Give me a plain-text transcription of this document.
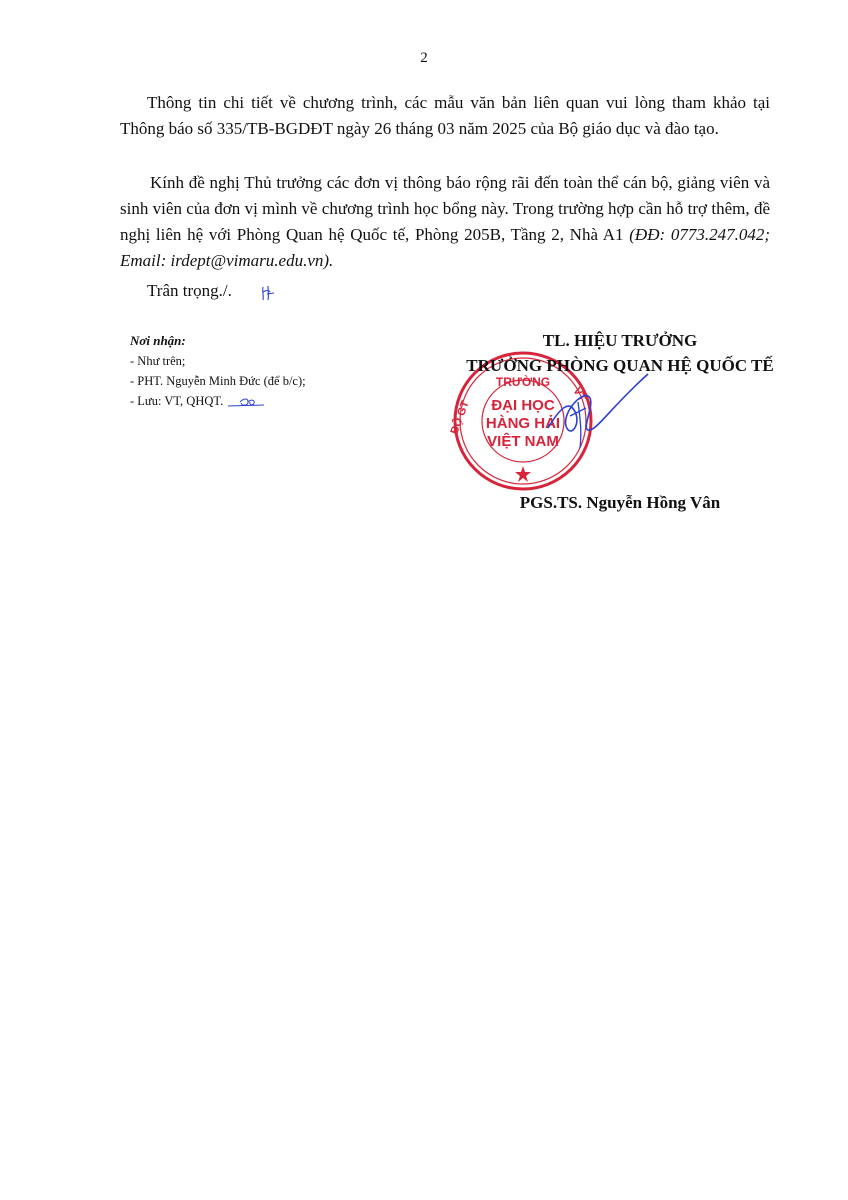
2
Thông tin chi tiết về chương trình, các mẫu văn bản liên quan vui lòng tham khảo tại Thông báo số 335/TB-BGDĐT ngày 26 tháng 03 năm 2025 của Bộ giáo dục và đào tạo.
Kính đề nghị Thủ trưởng các đơn vị thông báo rộng rãi đến toàn thể cán bộ, giảng viên và sinh viên của đơn vị mình về chương trình học bổng này. Trong trường hợp cần hỗ trợ thêm, đề nghị liên hệ với Phòng Quan hệ Quốc tế, Phòng 205B, Tầng 2, Nhà A1 (ĐĐ: 0773.247.042; Email: irdept@vimaru.edu.vn).
Trân trọng./.
Nơi nhận:
- Như trên;
- PHT. Nguyễn Minh Đức (để b/c);
- Lưu: VT, QHQT.
TRƯỜNG
ĐẠI HỌC
HÀNG HẢI
VIỆT NAM
BỘ GT
VT
TL. HIỆU TRƯỞNG
TRƯỞNG PHÒNG QUAN HỆ QUỐC TẾ
PGS.TS. Nguyễn Hồng Vân
